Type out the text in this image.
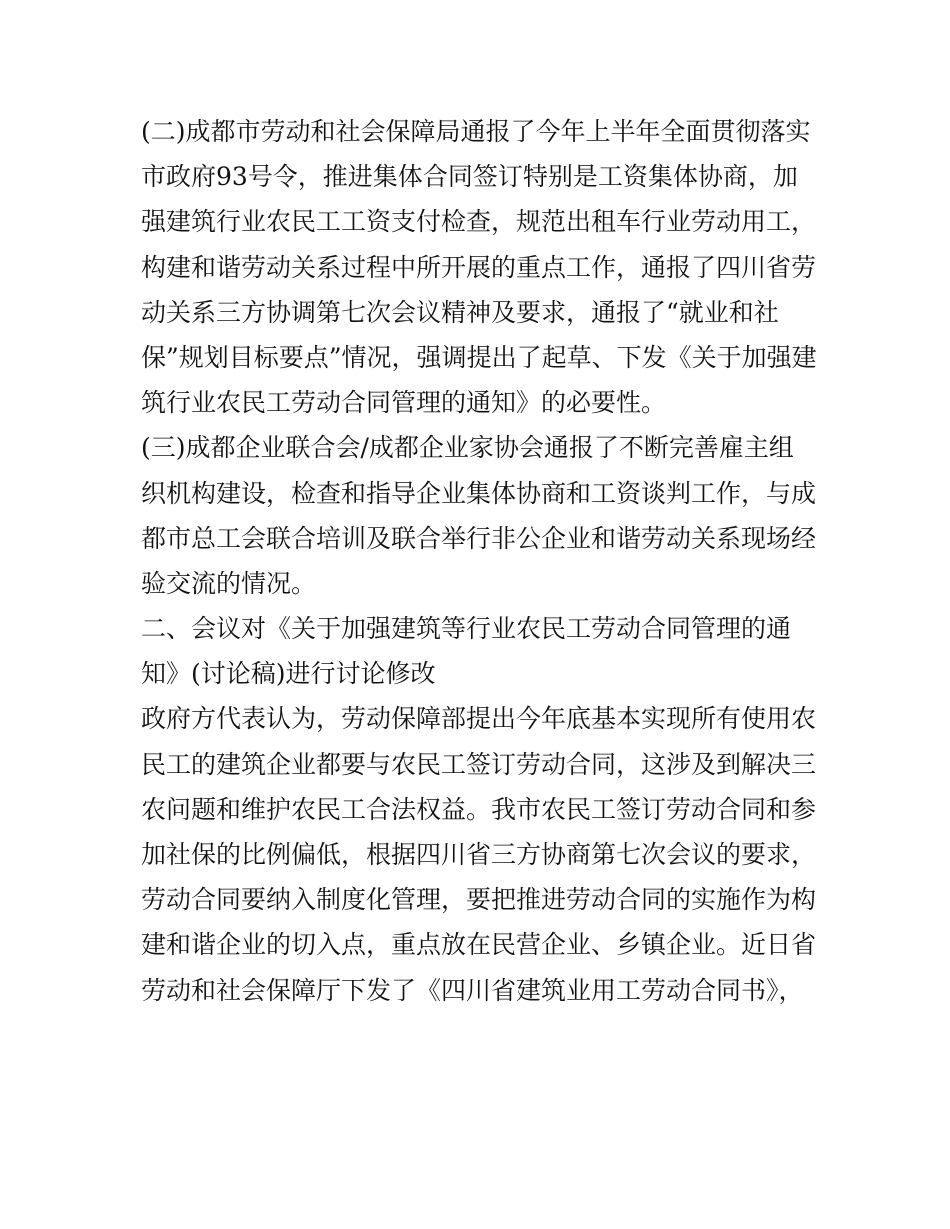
(二)成都市劳动和社会保障局通报了今年上半年全面贯彻落实
市政府93号令，推进集体合同签订特别是工资集体协商，加
强建筑行业农民工工资支付检查，规范出租车行业劳动用工，
构建和谐劳动关系过程中所开展的重点工作，通报了四川省劳
动关系三方协调第七次会议精神及要求，通报了“就业和社
保”规划目标要点”情况，强调提出了起草、下发《关于加强建
筑行业农民工劳动合同管理的通知》的必要性。
(三)成都企业联合会/成都企业家协会通报了不断完善雇主组
织机构建设，检查和指导企业集体协商和工资谈判工作，与成
都市总工会联合培训及联合举行非公企业和谐劳动关系现场经
验交流的情况。
二、会议对《关于加强建筑等行业农民工劳动合同管理的通
知》(讨论稿)进行讨论修改
政府方代表认为，劳动保障部提出今年底基本实现所有使用农
民工的建筑企业都要与农民工签订劳动合同，这涉及到解决三
农问题和维护农民工合法权益。我市农民工签订劳动合同和参
加社保的比例偏低，根据四川省三方协商第七次会议的要求，
劳动合同要纳入制度化管理，要把推进劳动合同的实施作为构
建和谐企业的切入点，重点放在民营企业、乡镇企业。近日省
劳动和社会保障厅下发了《四川省建筑业用工劳动合同书》，
